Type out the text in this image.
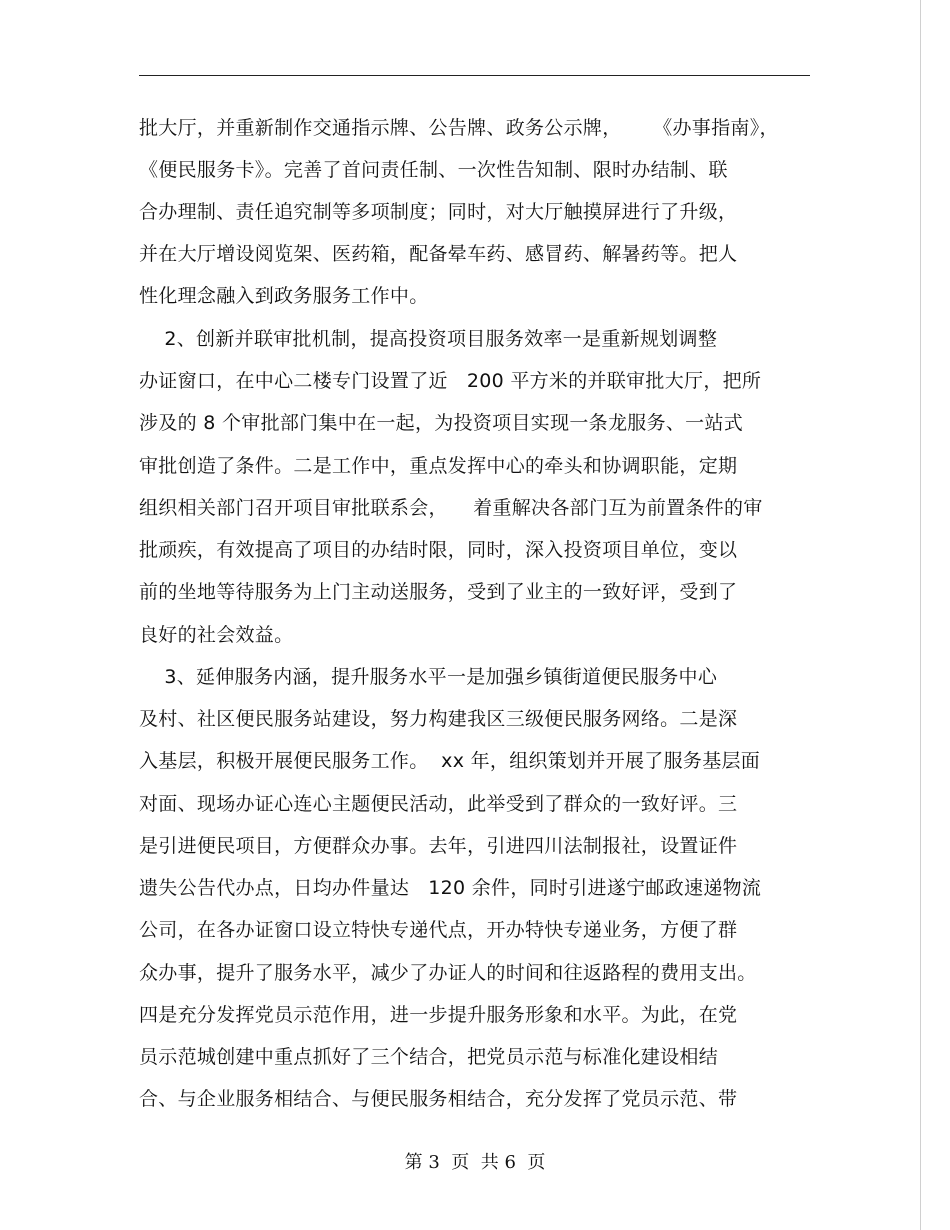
批大厅，并重新制作交通指示牌、公告牌、政务公示牌，     《办事指南》，
《便民服务卡》。完善了首问责任制、一次性告知制、限时办结制、联
合办理制、责任追究制等多项制度；同时，对大厅触摸屏进行了升级，
并在大厅增设阅览架、医药箱，配备晕车药、感冒药、解暑药等。把人
性化理念融入到政务服务工作中。
2、创新并联审批机制，提高投资项目服务效率一是重新规划调整
办证窗口，在中心二楼专门设置了近   200 平方米的并联审批大厅，把所
涉及的 8 个审批部门集中在一起，为投资项目实现一条龙服务、一站式
审批创造了条件。二是工作中，重点发挥中心的牵头和协调职能，定期
组织相关部门召开项目审批联系会，    着重解决各部门互为前置条件的审
批顽疾，有效提高了项目的办结时限，同时，深入投资项目单位，变以
前的坐地等待服务为上门主动送服务，受到了业主的一致好评，受到了
良好的社会效益。
3、延伸服务内涵，提升服务水平一是加强乡镇街道便民服务中心
及村、社区便民服务站建设，努力构建我区三级便民服务网络。二是深
入基层，积极开展便民服务工作。  xx 年，组织策划并开展了服务基层面
对面、现场办证心连心主题便民活动，此举受到了群众的一致好评。三
是引进便民项目，方便群众办事。去年，引进四川法制报社，设置证件
遗失公告代办点，日均办件量达   120 余件，同时引进遂宁邮政速递物流
公司，在各办证窗口设立特快专递代点，开办特快专递业务，方便了群
众办事，提升了服务水平，减少了办证人的时间和往返路程的费用支出。
四是充分发挥党员示范作用，进一步提升服务形象和水平。为此，在党
员示范城创建中重点抓好了三个结合，把党员示范与标准化建设相结
合、与企业服务相结合、与便民服务相结合，充分发挥了党员示范、带
第 3  页  共 6  页
